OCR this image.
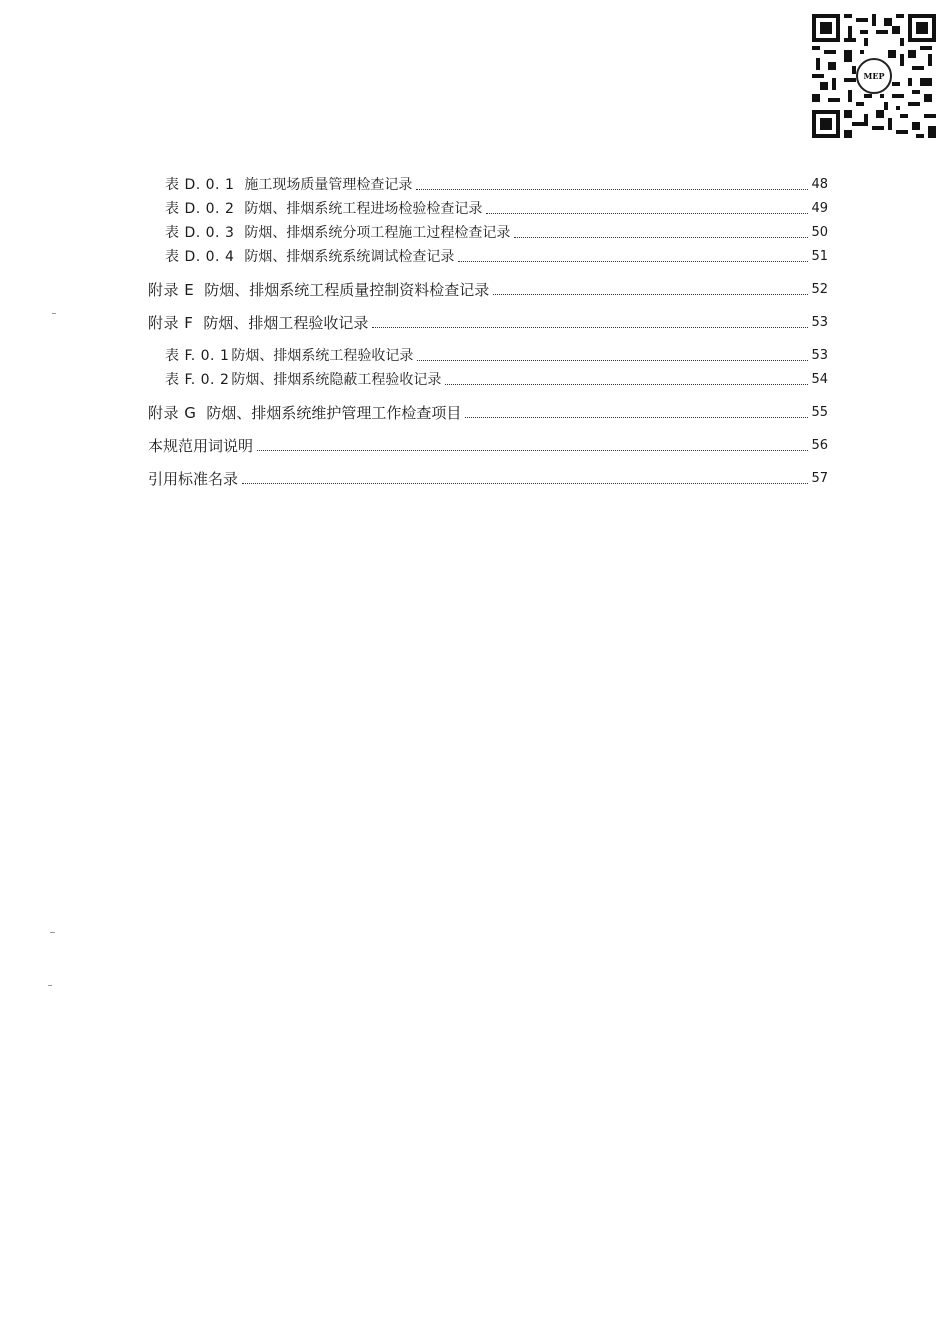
MEP
表 D. 0. 1 施工现场质量管理检查记录	48
表 D. 0. 2 防烟、排烟系统工程进场检验检查记录	49
表 D. 0. 3 防烟、排烟系统分项工程施工过程检查记录	50
表 D. 0. 4 防烟、排烟系统系统调试检查记录	51
附录 E 防烟、排烟系统工程质量控制资料检查记录	52
附录 F 防烟、排烟工程验收记录	53
表 F. 0. 1 防烟、排烟系统工程验收记录	53
表 F. 0. 2 防烟、排烟系统隐蔽工程验收记录	54
附录 G 防烟、排烟系统维护管理工作检查项目	55
本规范用词说明	56
引用标准名录	57
